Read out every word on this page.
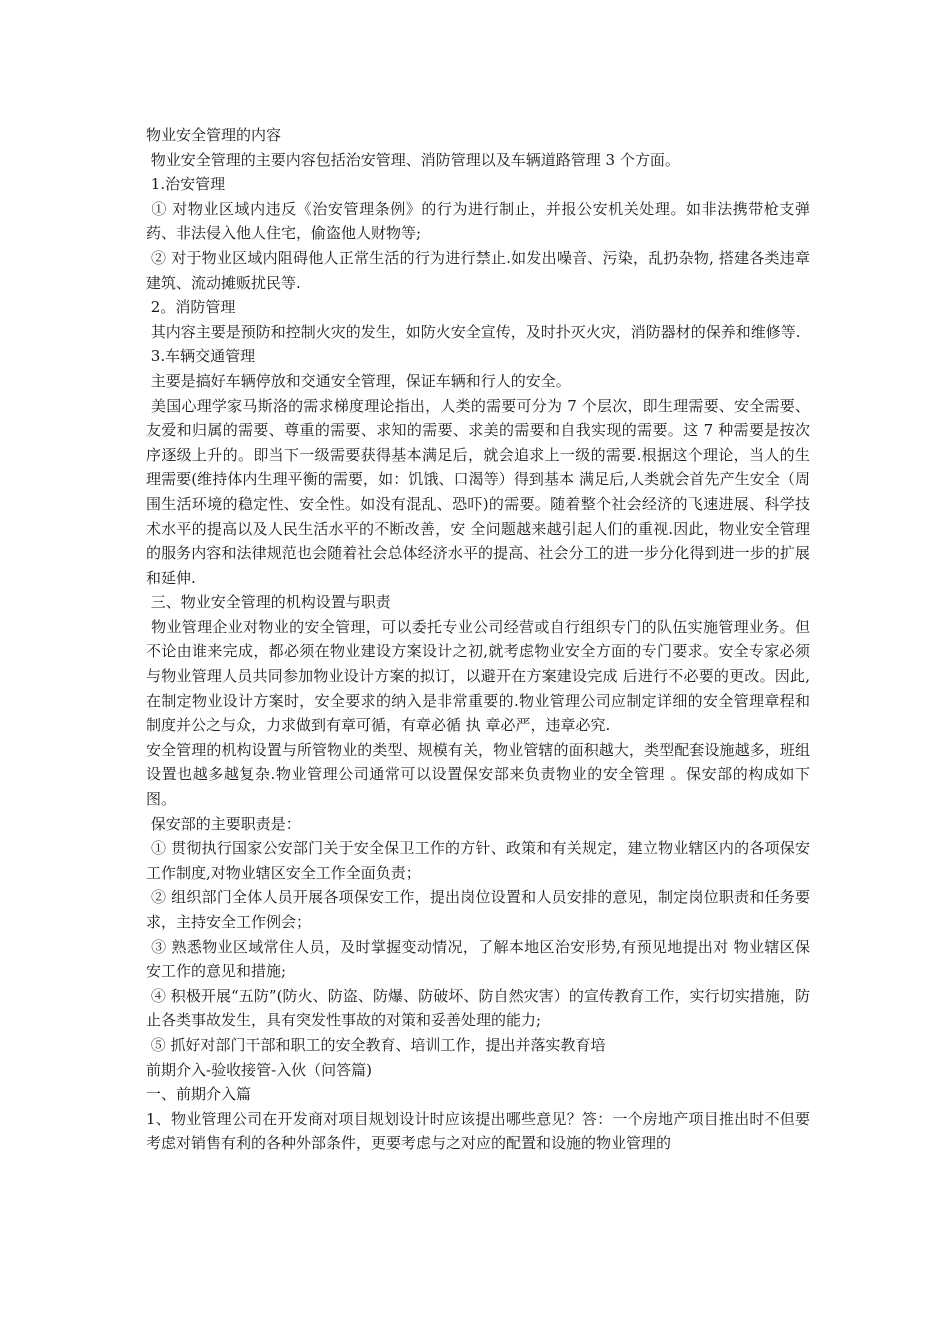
物业安全管理的内容
物业安全管理的主要内容包括治安管理、消防管理以及车辆道路管理 3 个方面。
1.治安管理
① 对物业区域内违反《治安管理条例》的行为进行制止，并报公安机关处理。如非法携带枪支弹药、非法侵入他人住宅，偷盗他人财物等;
② 对于物业区域内阻碍他人正常生活的行为进行禁止.如发出噪音、污染，乱扔杂物, 搭建各类违章建筑、流动摊贩扰民等.
2。消防管理
其内容主要是预防和控制火灾的发生，如防火安全宣传，及时扑灭火灾，消防器材的保养和维修等.
3.车辆交通管理
主要是搞好车辆停放和交通安全管理，保证车辆和行人的安全。
美国心理学家马斯洛的需求梯度理论指出，人类的需要可分为 7 个层次，即生理需要、安全需要、友爱和归属的需要、尊重的需要、求知的需要、求美的需要和自我实现的需要。这 7 种需要是按次序逐级上升的。即当下一级需要获得基本满足后，就会追求上一级的需要.根据这个理论，当人的生理需要(维持体内生理平衡的需要，如：饥饿、口渴等）得到基本 满足后,人类就会首先产生安全（周围生活环境的稳定性、安全性。如没有混乱、恐吓)的需要。随着整个社会经济的飞速进展、科学技术水平的提高以及人民生活水平的不断改善，安 全问题越来越引起人们的重视.因此，物业安全管理的服务内容和法律规范也会随着社会总体经济水平的提高、社会分工的进一步分化得到进一步的扩展和延伸.
三、物业安全管理的机构设置与职责
物业管理企业对物业的安全管理，可以委托专业公司经营或自行组织专门的队伍实施管理业务。但不论由谁来完成，都必须在物业建设方案设计之初,就考虑物业安全方面的专门要求。安全专家必须与物业管理人员共同参加物业设计方案的拟订，以避开在方案建设完成 后进行不必要的更改。因此,在制定物业设计方案时，安全要求的纳入是非常重要的.物业管理公司应制定详细的安全管理章程和制度并公之与众，力求做到有章可循，有章必循 执 章必严，违章必究.
安全管理的机构设置与所管物业的类型、规模有关，物业管辖的面积越大，类型配套设施越多，班组设置也越多越复杂.物业管理公司通常可以设置保安部来负责物业的安全管理 。保安部的构成如下图。
保安部的主要职责是：
① 贯彻执行国家公安部门关于安全保卫工作的方针、政策和有关规定，建立物业辖区内的各项保安工作制度,对物业辖区安全工作全面负责；
② 组织部门全体人员开展各项保安工作，提出岗位设置和人员安排的意见，制定岗位职责和任务要求，主持安全工作例会；
③ 熟悉物业区域常住人员，及时掌握变动情况，了解本地区治安形势,有预见地提出对 物业辖区保安工作的意见和措施;
④ 积极开展“五防”(防火、防盗、防爆、防破坏、防自然灾害）的宣传教育工作，实行切实措施，防止各类事故发生，具有突发性事故的对策和妥善处理的能力;
⑤ 抓好对部门干部和职工的安全教育、培训工作，提出并落实教育培
前期介入-验收接管-入伙（问答篇)
一、前期介入篇
1、物业管理公司在开发商对项目规划设计时应该提出哪些意见？答：一个房地产项目推出时不但要考虑对销售有利的各种外部条件，更要考虑与之对应的配置和设施的物业管理的
